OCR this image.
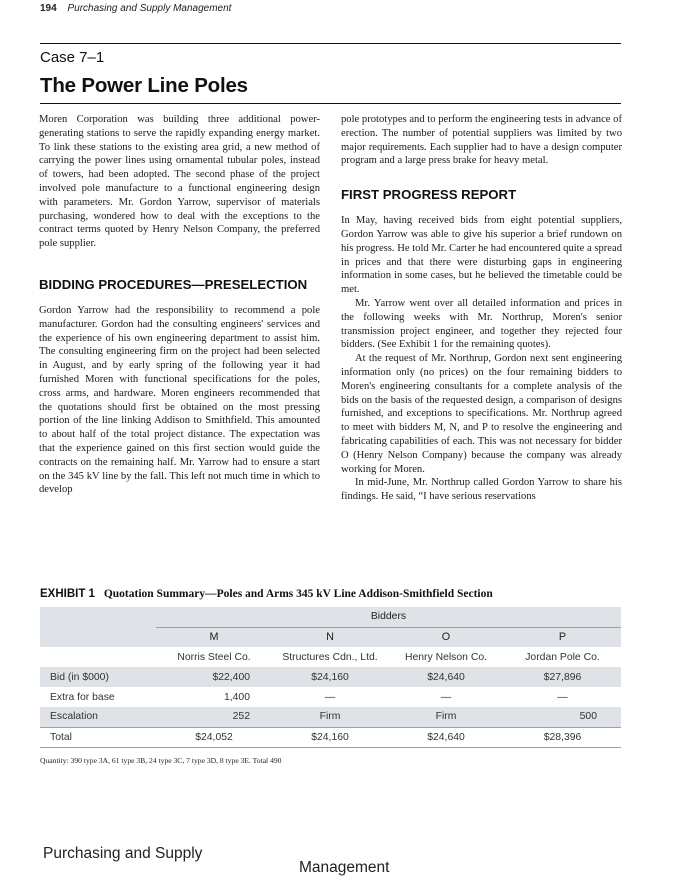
194 Purchasing and Supply Management
Case 7–1
The Power Line Poles

Moren Corporation was building three additional power-generating stations to serve the rapidly expanding energy market. To link these stations to the existing area grid, a new method of carrying the power lines using ornamental tubular poles, instead of towers, had been adopted. The second phase of the project involved pole manufacture to a functional engineering design with parameters. Mr. Gordon Yarrow, supervisor of materials purchasing, wondered how to deal with the exceptions to the contract terms quoted by Henry Nelson Company, the preferred pole supplier.

BIDDING PROCEDURES—PRESELECTION

Gordon Yarrow had the responsibility to recommend a pole manufacturer. Gordon had the consulting engineers' services and the experience of his own engineering department to assist him. The consulting engineering firm on the project had been selected in August, and by early spring of the following year it had furnished Moren with functional specifications for the poles, cross arms, and hardware. Moren engineers recommended that the quotations should first be obtained on the most pressing portion of the line linking Addison to Smithfield. This amounted to about half of the total project distance. The expectation was that the experience gained on this first section would guide the contracts on the remaining half. Mr. Yarrow had to ensure a start on the 345 kV line by the fall. This left not much time in which to develop

pole prototypes and to perform the engineering tests in advance of erection. The number of potential suppliers was limited by two major requirements. Each supplier had to have a design computer program and a large press brake for heavy metal.

FIRST PROGRESS REPORT

In May, having received bids from eight potential suppliers, Gordon Yarrow was able to give his superior a brief rundown on his progress. He told Mr. Carter he had encountered quite a spread in prices and that there were disturbing gaps in engineering information in some cases, but he believed the timetable could be met.

Mr. Yarrow went over all detailed information and prices in the following weeks with Mr. Northrup, Moren's senior transmission project engineer, and together they rejected four bidders. (See Exhibit 1 for the remaining quotes).

At the request of Mr. Northrup, Gordon next sent engineering information only (no prices) on the four remaining bidders to Moren's engineering consultants for a complete analysis of the bids on the basis of the requested design, a comparison of designs furnished, and exceptions to specifications. Mr. Northrup agreed to meet with bidders M, N, and P to resolve the engineering and fabricating capabilities of each. This was not necessary for bidder O (Henry Nelson Company) because the company was already working for Moren.

In mid-June, Mr. Northrup called Gordon Yarrow to share his findings. He said, “I have serious reservations

EXHIBIT 1 Quotation Summary—Poles and Arms 345 kV Line Addison-Smithfield Section
	Bidders			
	M	N	O	P
	Norris Steel Co.	Structures Cdn., Ltd.	Henry Nelson Co.	Jordan Pole Co.
Bid (in $000)	$22,400	$24,160	$24,640	$27,896
Extra for base	1,400	—	—	—
Escalation	252	Firm	Firm	500
Total	$24,052	$24,160	$24,640	$28,396
Quantity: 390 type 3A, 61 type 3B, 24 type 3C, 7 type 3D, 8 type 3E. Total 490
Purchasing and Supply
Management
